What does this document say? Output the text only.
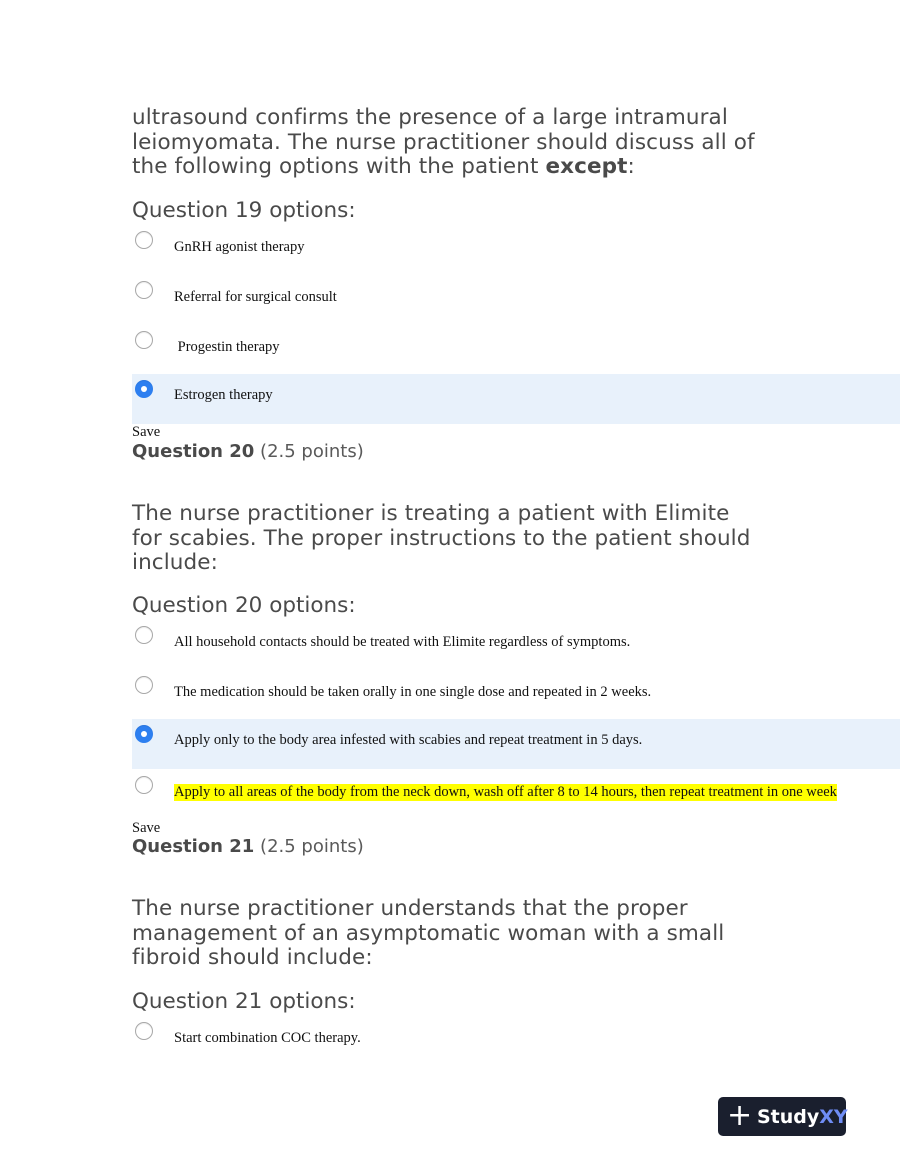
ultrasound confirms the presence of a large intramural
leiomyomata. The nurse practitioner should discuss all of
the following options with the patient except:
Question 19 options:
GnRH agonist therapy
Referral for surgical consult
Progestin therapy
Estrogen therapy
Save
Question 20 (2.5 points)
The nurse practitioner is treating a patient with Elimite
for scabies. The proper instructions to the patient should
include:
Question 20 options:
All household contacts should be treated with Elimite regardless of symptoms.
The medication should be taken orally in one single dose and repeated in 2 weeks.
Apply only to the body area infested with scabies and repeat treatment in 5 days.
Apply to all areas of the body from the neck down, wash off after 8 to 14 hours, then repeat treatment in one week
Save
Question 21 (2.5 points)
The nurse practitioner understands that the proper
management of an asymptomatic woman with a small
fibroid should include:
Question 21 options:
Start combination COC therapy.
+ StudyXY
